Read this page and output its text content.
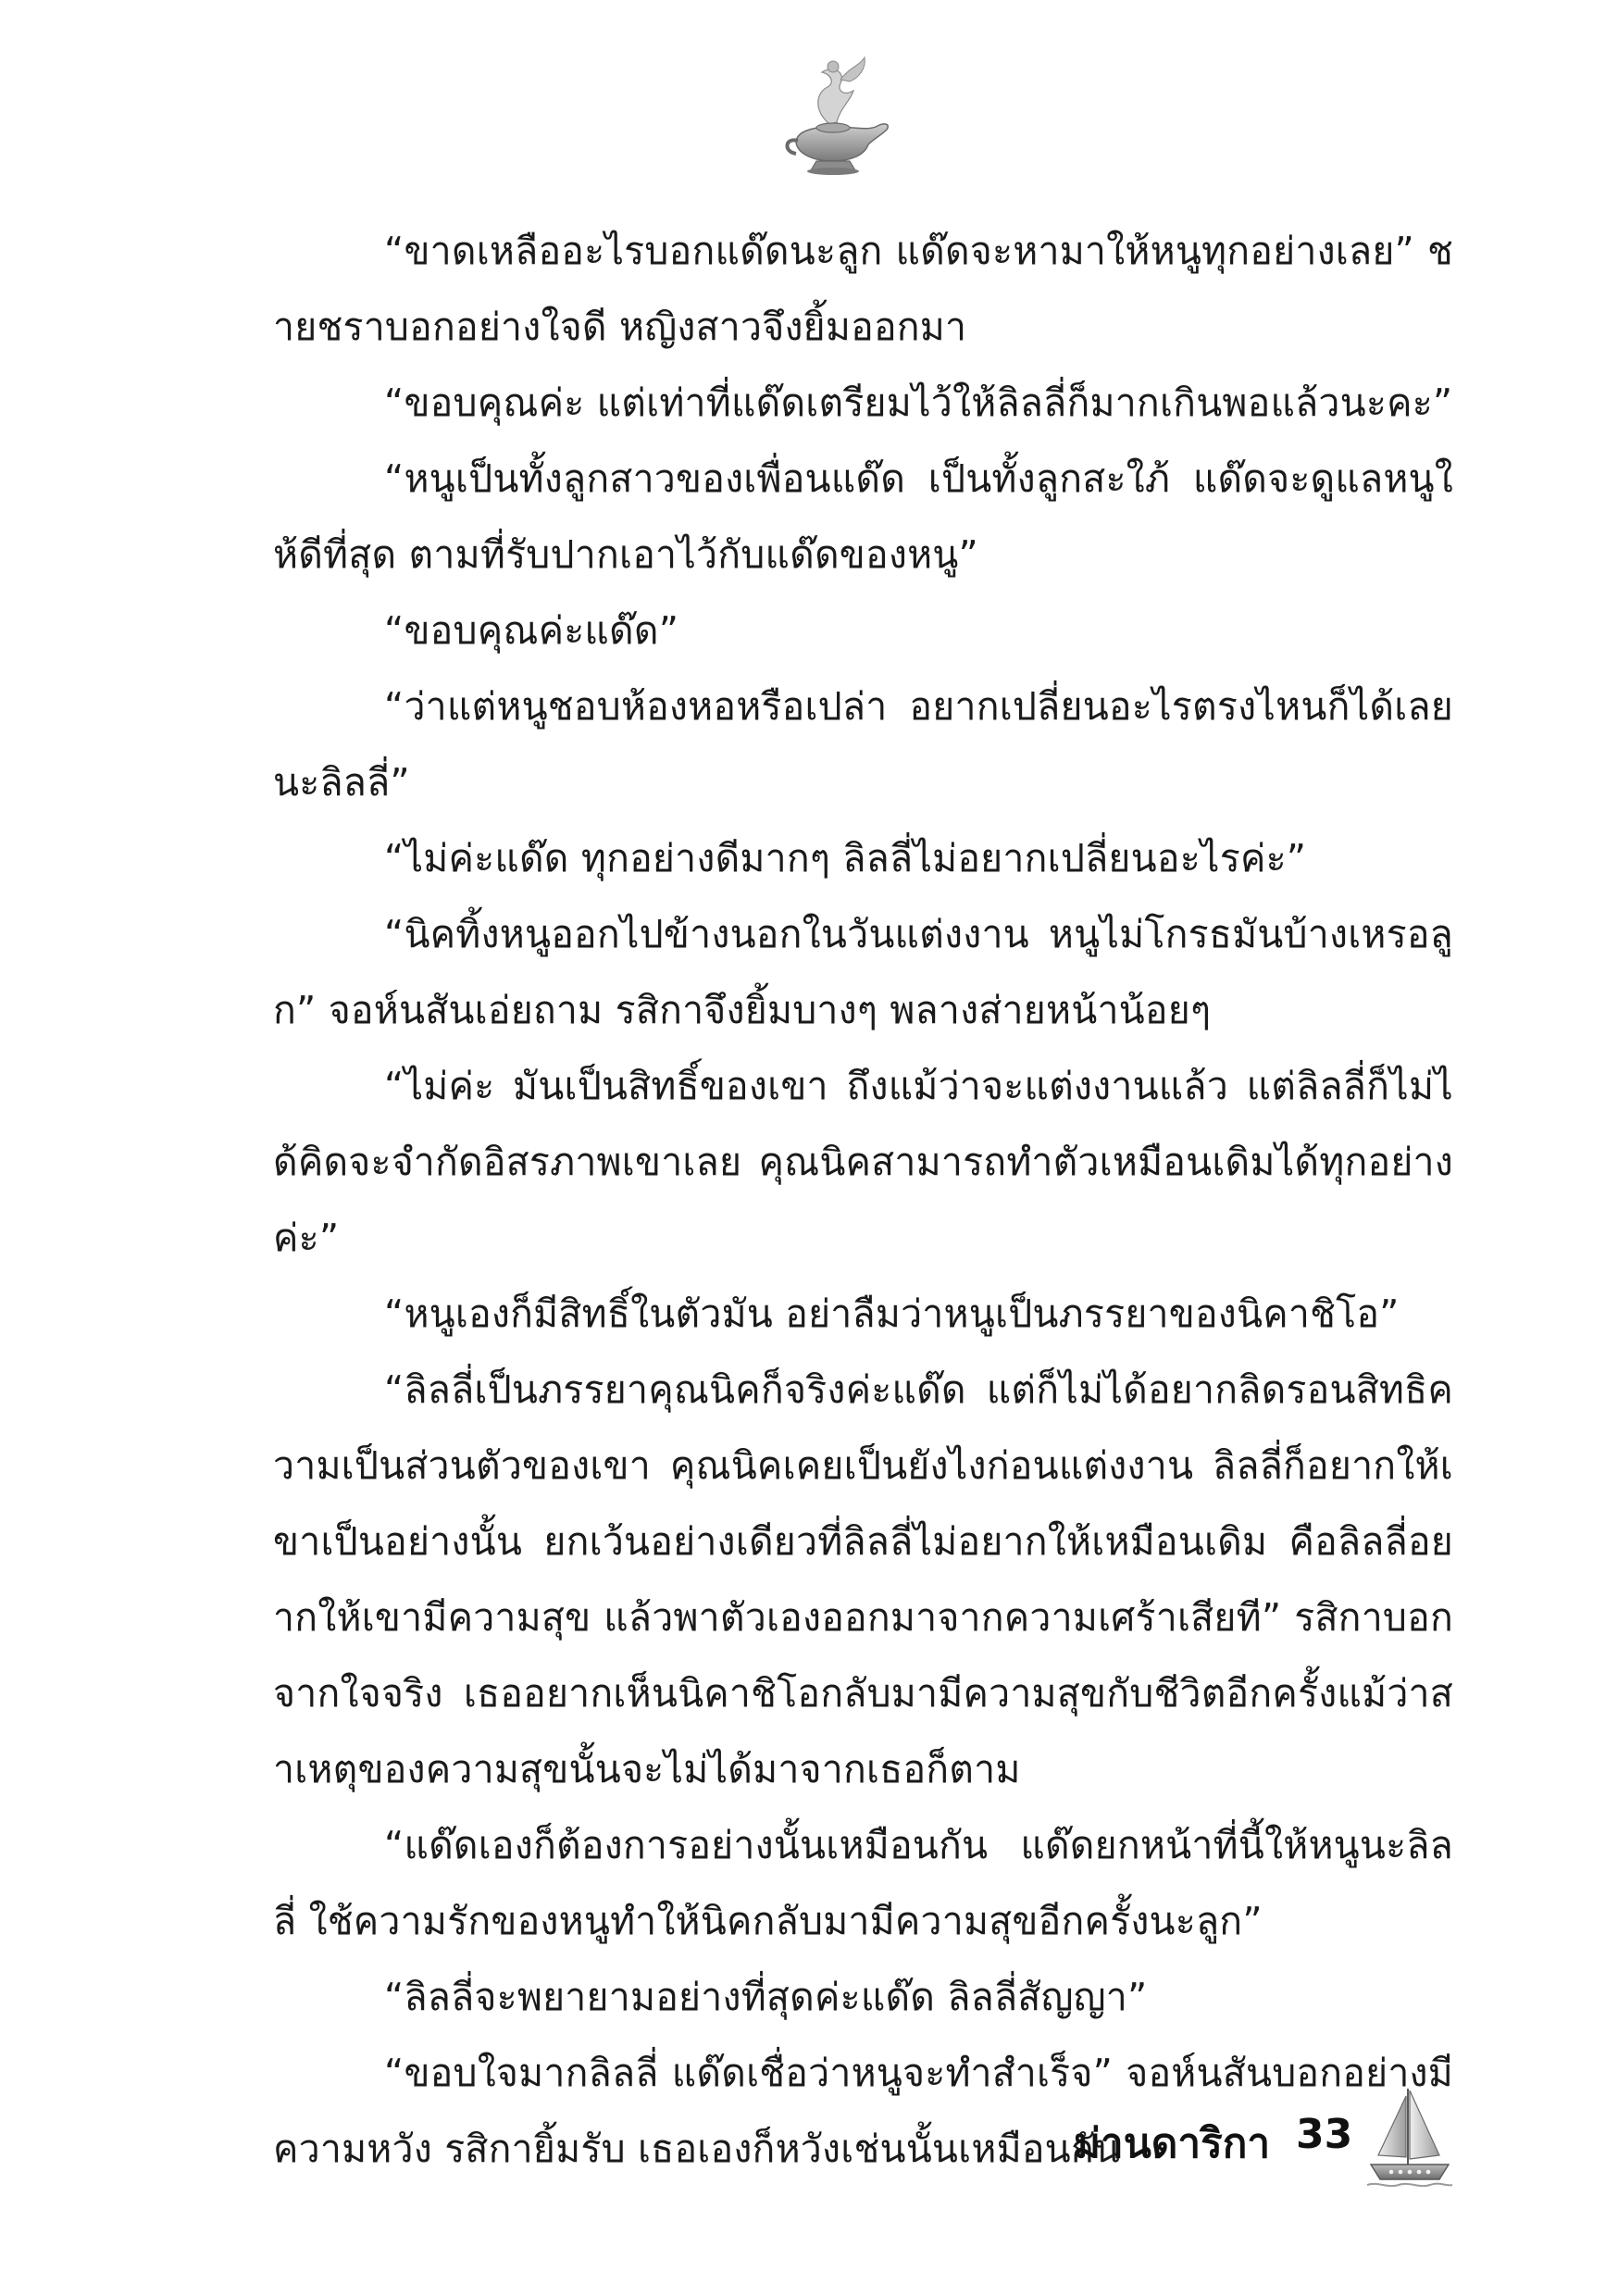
“ขาดเหลืออะไรบอกแด๊ดนะลูก แด๊ดจะหามาให้หนูทุกอย่างเลย” ชายชราบอกอย่างใจดี หญิงสาวจึงยิ้มออกมา

“ขอบคุณค่ะ แต่เท่าที่แด๊ดเตรียมไว้ให้ลิลลี่ก็มากเกินพอแล้วนะคะ”

“หนูเป็นทั้งลูกสาวของเพื่อนแด๊ด เป็นทั้งลูกสะใภ้ แด๊ดจะดูแลหนูให้ดีที่สุด ตามที่รับปากเอาไว้กับแด๊ดของหนู”

“ขอบคุณค่ะแด๊ด”

“ว่าแต่หนูชอบห้องหอหรือเปล่า อยากเปลี่ยนอะไรตรงไหนก็ได้เลยนะลิลลี่”

“ไม่ค่ะแด๊ด ทุกอย่างดีมากๆ ลิลลี่ไม่อยากเปลี่ยนอะไรค่ะ”

“นิคทิ้งหนูออกไปข้างนอกในวันแต่งงาน หนูไม่โกรธมันบ้างเหรอลูก” จอห์นสันเอ่ยถาม รสิกาจึงยิ้มบางๆ พลางส่ายหน้าน้อยๆ

“ไม่ค่ะ มันเป็นสิทธิ์ของเขา ถึงแม้ว่าจะแต่งงานแล้ว แต่ลิลลี่ก็ไม่ได้คิดจะจำกัดอิสรภาพเขาเลย คุณนิคสามารถทำตัวเหมือนเดิมได้ทุกอย่างค่ะ”

“หนูเองก็มีสิทธิ์ในตัวมัน อย่าลืมว่าหนูเป็นภรรยาของนิคาชิโอ”

“ลิลลี่เป็นภรรยาคุณนิคก็จริงค่ะแด๊ด แต่ก็ไม่ได้อยากลิดรอนสิทธิความเป็นส่วนตัวของเขา คุณนิคเคยเป็นยังไงก่อนแต่งงาน ลิลลี่ก็อยากให้เขาเป็นอย่างนั้น ยกเว้นอย่างเดียวที่ลิลลี่ไม่อยากให้เหมือนเดิม คือลิลลี่อยากให้เขามีความสุข แล้วพาตัวเองออกมาจากความเศร้าเสียที” รสิกาบอกจากใจจริง เธออยากเห็นนิคาชิโอกลับมามีความสุขกับชีวิตอีกครั้งแม้ว่าสาเหตุของความสุขนั้นจะไม่ได้มาจากเธอก็ตาม

“แด๊ดเองก็ต้องการอย่างนั้นเหมือนกัน แด๊ดยกหน้าที่นี้ให้หนูนะลิลลี่ ใช้ความรักของหนูทำให้นิคกลับมามีความสุขอีกครั้งนะลูก”

“ลิลลี่จะพยายามอย่างที่สุดค่ะแด๊ด ลิลลี่สัญญา”

“ขอบใจมากลิลลี่ แด๊ดเชื่อว่าหนูจะทำสำเร็จ” จอห์นสันบอกอย่างมีความหวัง รสิกายิ้มรับ เธอเองก็หวังเช่นนั้นเหมือนกัน

ม่านดาริกา 33
